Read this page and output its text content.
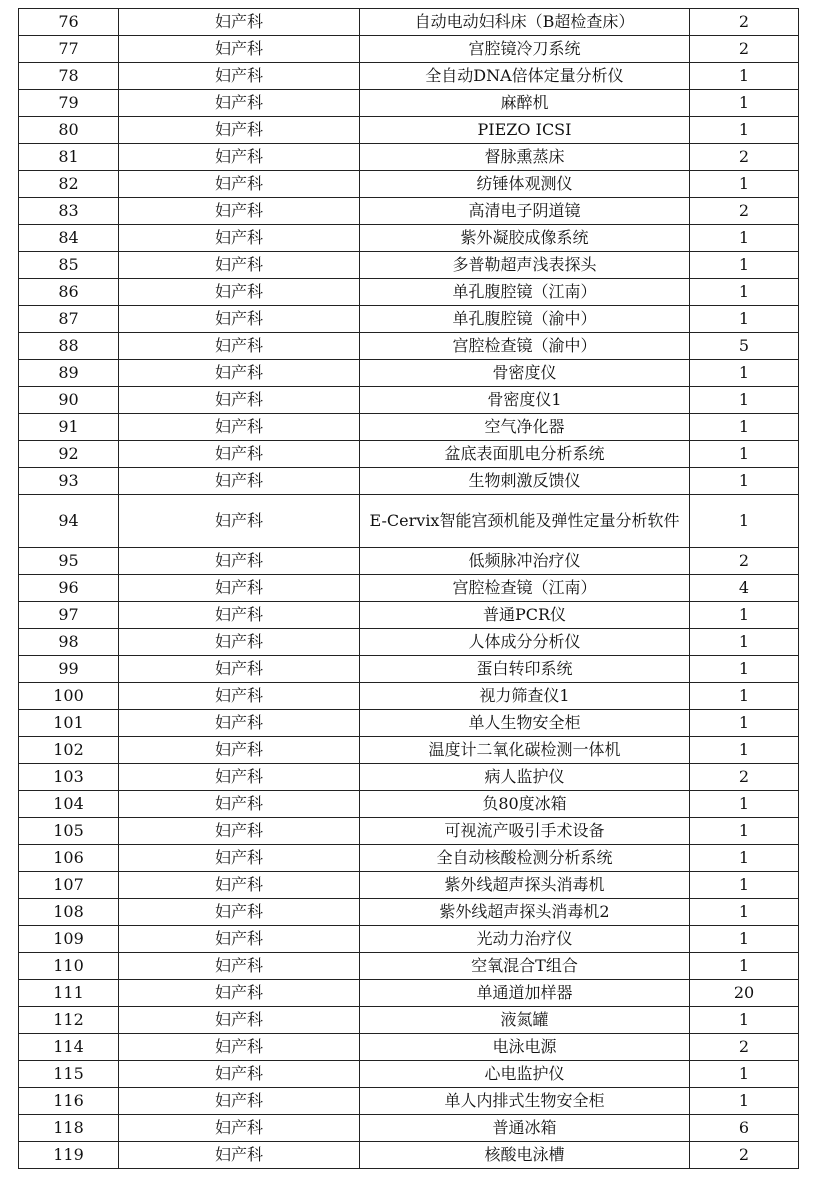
76	妇产科	自动电动妇科床（B超检查床）	2
77	妇产科	宫腔镜冷刀系统	2
78	妇产科	全自动DNA倍体定量分析仪	1
79	妇产科	麻醉机	1
80	妇产科	PIEZO ICSI	1
81	妇产科	督脉熏蒸床	2
82	妇产科	纺锤体观测仪	1
83	妇产科	高清电子阴道镜	2
84	妇产科	紫外凝胶成像系统	1
85	妇产科	多普勒超声浅表探头	1
86	妇产科	单孔腹腔镜（江南）	1
87	妇产科	单孔腹腔镜（渝中）	1
88	妇产科	宫腔检查镜（渝中）	5
89	妇产科	骨密度仪	1
90	妇产科	骨密度仪1	1
91	妇产科	空气净化器	1
92	妇产科	盆底表面肌电分析系统	1
93	妇产科	生物刺激反馈仪	1
94	妇产科	E-Cervix智能宫颈机能及弹性定量分析软件	1
95	妇产科	低频脉冲治疗仪	2
96	妇产科	宫腔检查镜（江南）	4
97	妇产科	普通PCR仪	1
98	妇产科	人体成分分析仪	1
99	妇产科	蛋白转印系统	1
100	妇产科	视力筛查仪1	1
101	妇产科	单人生物安全柜	1
102	妇产科	温度计二氧化碳检测一体机	1
103	妇产科	病人监护仪	2
104	妇产科	负80度冰箱	1
105	妇产科	可视流产吸引手术设备	1
106	妇产科	全自动核酸检测分析系统	1
107	妇产科	紫外线超声探头消毒机	1
108	妇产科	紫外线超声探头消毒机2	1
109	妇产科	光动力治疗仪	1
110	妇产科	空氧混合T组合	1
111	妇产科	单通道加样器	20
112	妇产科	液氮罐	1
114	妇产科	电泳电源	2
115	妇产科	心电监护仪	1
116	妇产科	单人内排式生物安全柜	1
118	妇产科	普通冰箱	6
119	妇产科	核酸电泳槽	2
